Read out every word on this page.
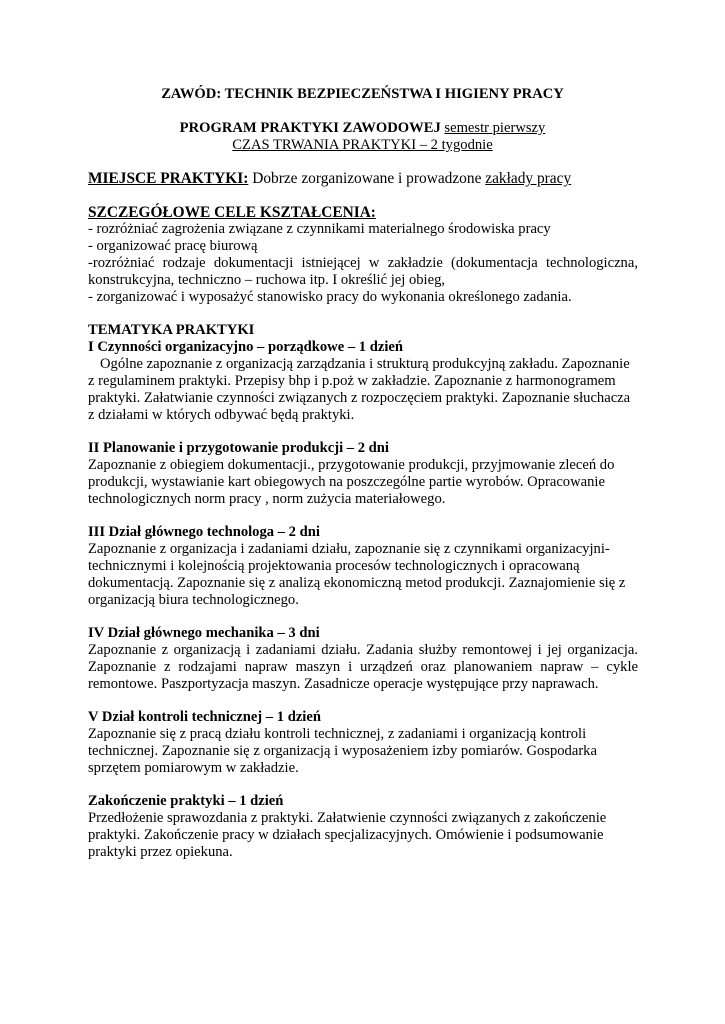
ZAWÓD: TECHNIK BEZPIECZEŃSTWA I HIGIENY PRACY
PROGRAM PRAKTYKI ZAWODOWEJ semestr pierwszy
CZAS TRWANIA PRAKTYKI – 2 tygodnie
MIEJSCE PRAKTYKI: Dobrze zorganizowane i prowadzone zakłady pracy
SZCZEGÓŁOWE CELE KSZTAŁCENIA:
- rozróżniać zagrożenia związane z czynnikami materialnego środowiska pracy
- organizować pracę biurową
-rozróżniać rodzaje dokumentacji istniejącej w zakładzie (dokumentacja technologiczna,
konstrukcyjna, techniczno – ruchowa itp. I określić jej obieg,
- zorganizować i wyposażyć stanowisko pracy do wykonania określonego zadania.
TEMATYKA PRAKTYKI
I Czynności organizacyjno – porządkowe – 1 dzień
Ogólne zapoznanie z organizacją zarządzania i strukturą produkcyjną zakładu. Zapoznanie
z regulaminem praktyki. Przepisy bhp i p.poż w zakładzie. Zapoznanie z harmonogramem
praktyki. Załatwianie czynności związanych z rozpoczęciem praktyki. Zapoznanie słuchacza
z działami w których odbywać będą praktyki.
II Planowanie i przygotowanie produkcji – 2 dni
Zapoznanie z obiegiem dokumentacji., przygotowanie produkcji, przyjmowanie zleceń do
produkcji, wystawianie kart obiegowych na poszczególne partie wyrobów. Opracowanie
technologicznych norm pracy , norm zużycia materiałowego.
III Dział głównego technologa – 2 dni
Zapoznanie z organizacja i zadaniami działu, zapoznanie się z czynnikami organizacyjni-
technicznymi i kolejnością projektowania procesów technologicznych i opracowaną
dokumentacją. Zapoznanie się z analizą ekonomiczną metod produkcji. Zaznajomienie się z
organizacją biura technologicznego.
IV Dział głównego mechanika – 3 dni
Zapoznanie z organizacją i zadaniami działu. Zadania służby remontowej i jej organizacja.
Zapoznanie z rodzajami napraw maszyn i urządzeń oraz planowaniem napraw – cykle
remontowe. Paszportyzacja maszyn. Zasadnicze operacje występujące przy naprawach.
V Dział kontroli technicznej – 1 dzień
Zapoznanie się z pracą działu kontroli technicznej, z zadaniami i organizacją kontroli
technicznej. Zapoznanie się z organizacją i wyposażeniem izby pomiarów. Gospodarka
sprzętem pomiarowym w zakładzie.
Zakończenie praktyki – 1 dzień
Przedłożenie sprawozdania z praktyki. Załatwienie czynności związanych z zakończenie
praktyki. Zakończenie pracy w działach specjalizacyjnych. Omówienie i podsumowanie
praktyki przez opiekuna.
